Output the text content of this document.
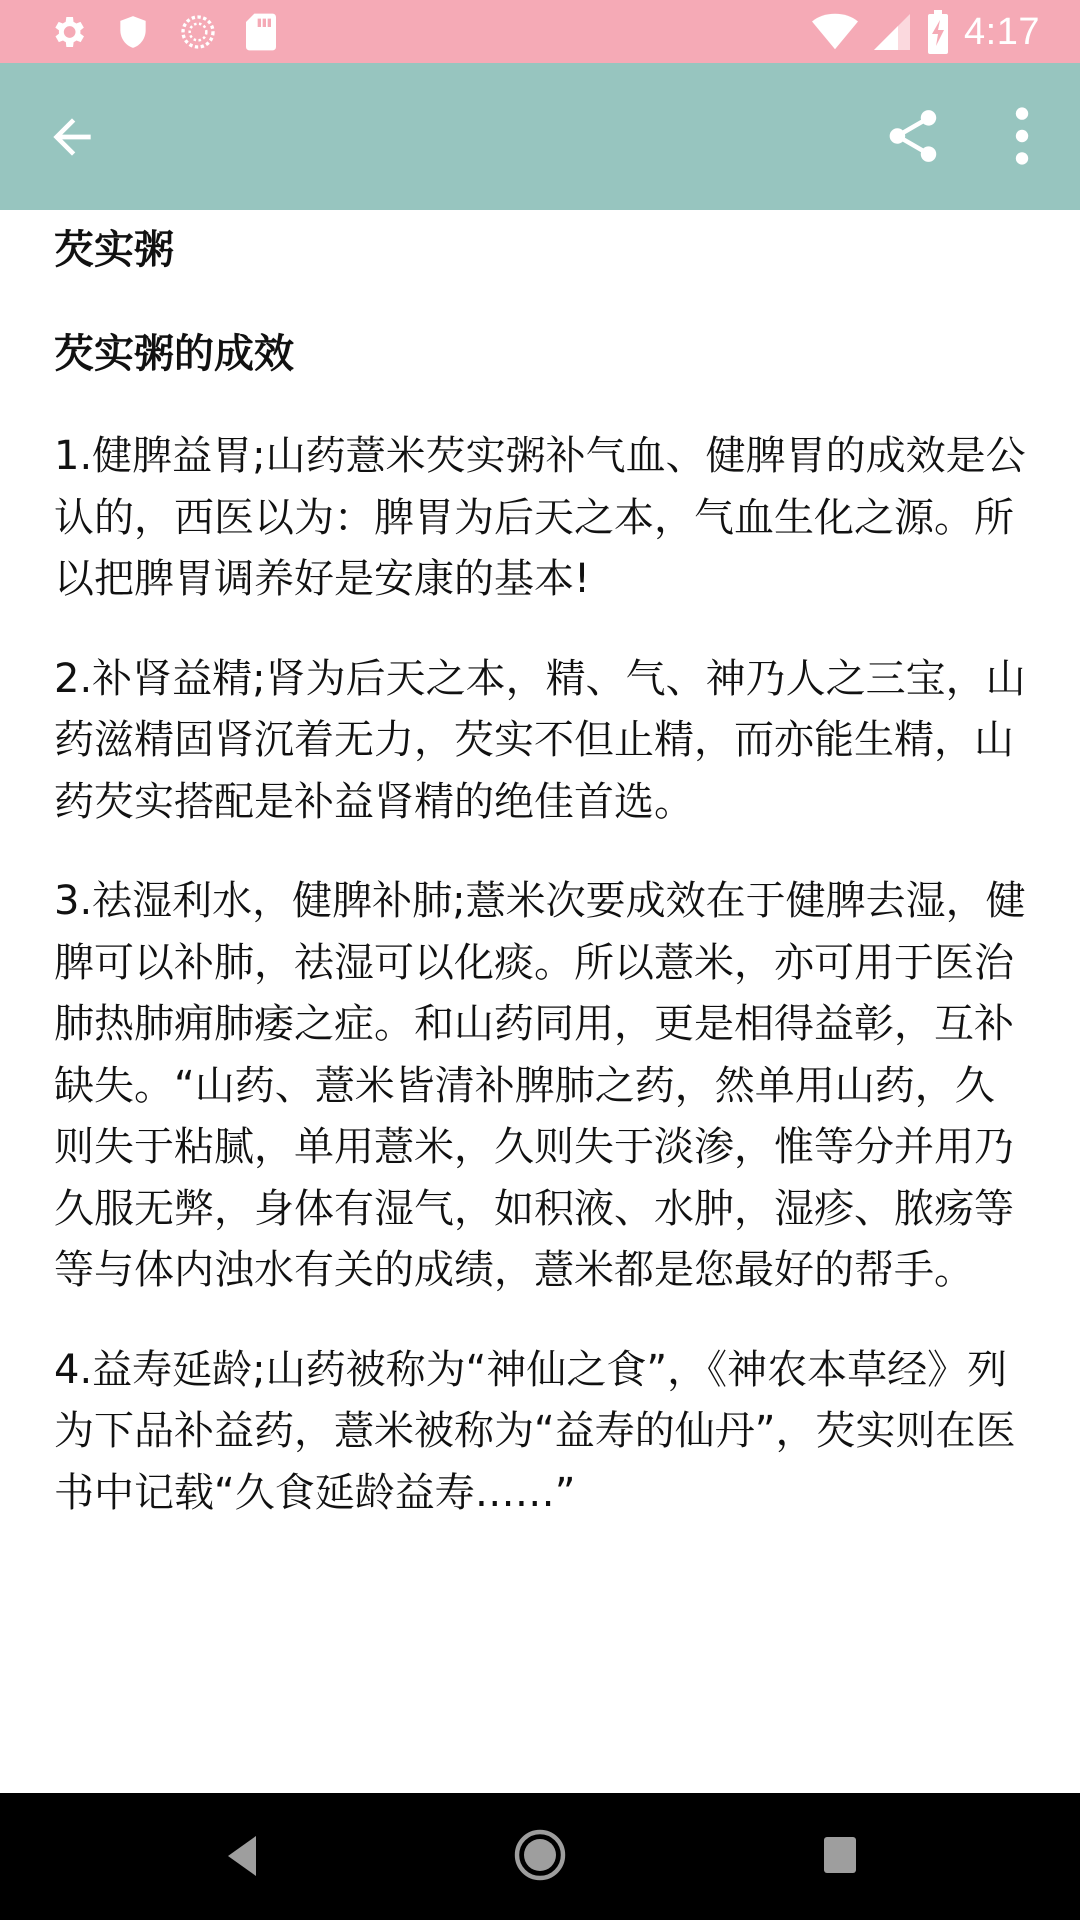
4:17
芡实粥
芡实粥的成效

1.健脾益胃;山药薏米芡实粥补气血、健脾胃的成效是公认的，西医以为：脾胃为后天之本，气血生化之源。所以把脾胃调养好是安康的基本!

2.补肾益精;肾为后天之本，精、气、神乃人之三宝，山药滋精固肾沉着无力，芡实不但止精，而亦能生精，山药芡实搭配是补益肾精的绝佳首选。

3.祛湿利水，健脾补肺;薏米次要成效在于健脾去湿，健脾可以补肺，祛湿可以化痰。所以薏米，亦可用于医治肺热肺痈肺痿之症。和山药同用，更是相得益彰，互补缺失。“山药、薏米皆清补脾肺之药，然单用山药，久则失于粘腻，单用薏米，久则失于淡渗，惟等分并用乃久服无弊，身体有湿气，如积液、水肿，湿疹、脓疡等等与体内浊水有关的成绩，薏米都是您最好的帮手。

4.益寿延龄;山药被称为“神仙之食”，《神农本草经》列为下品补益药，薏米被称为“益寿的仙丹”，芡实则在医书中记载“久食延龄益寿……”
